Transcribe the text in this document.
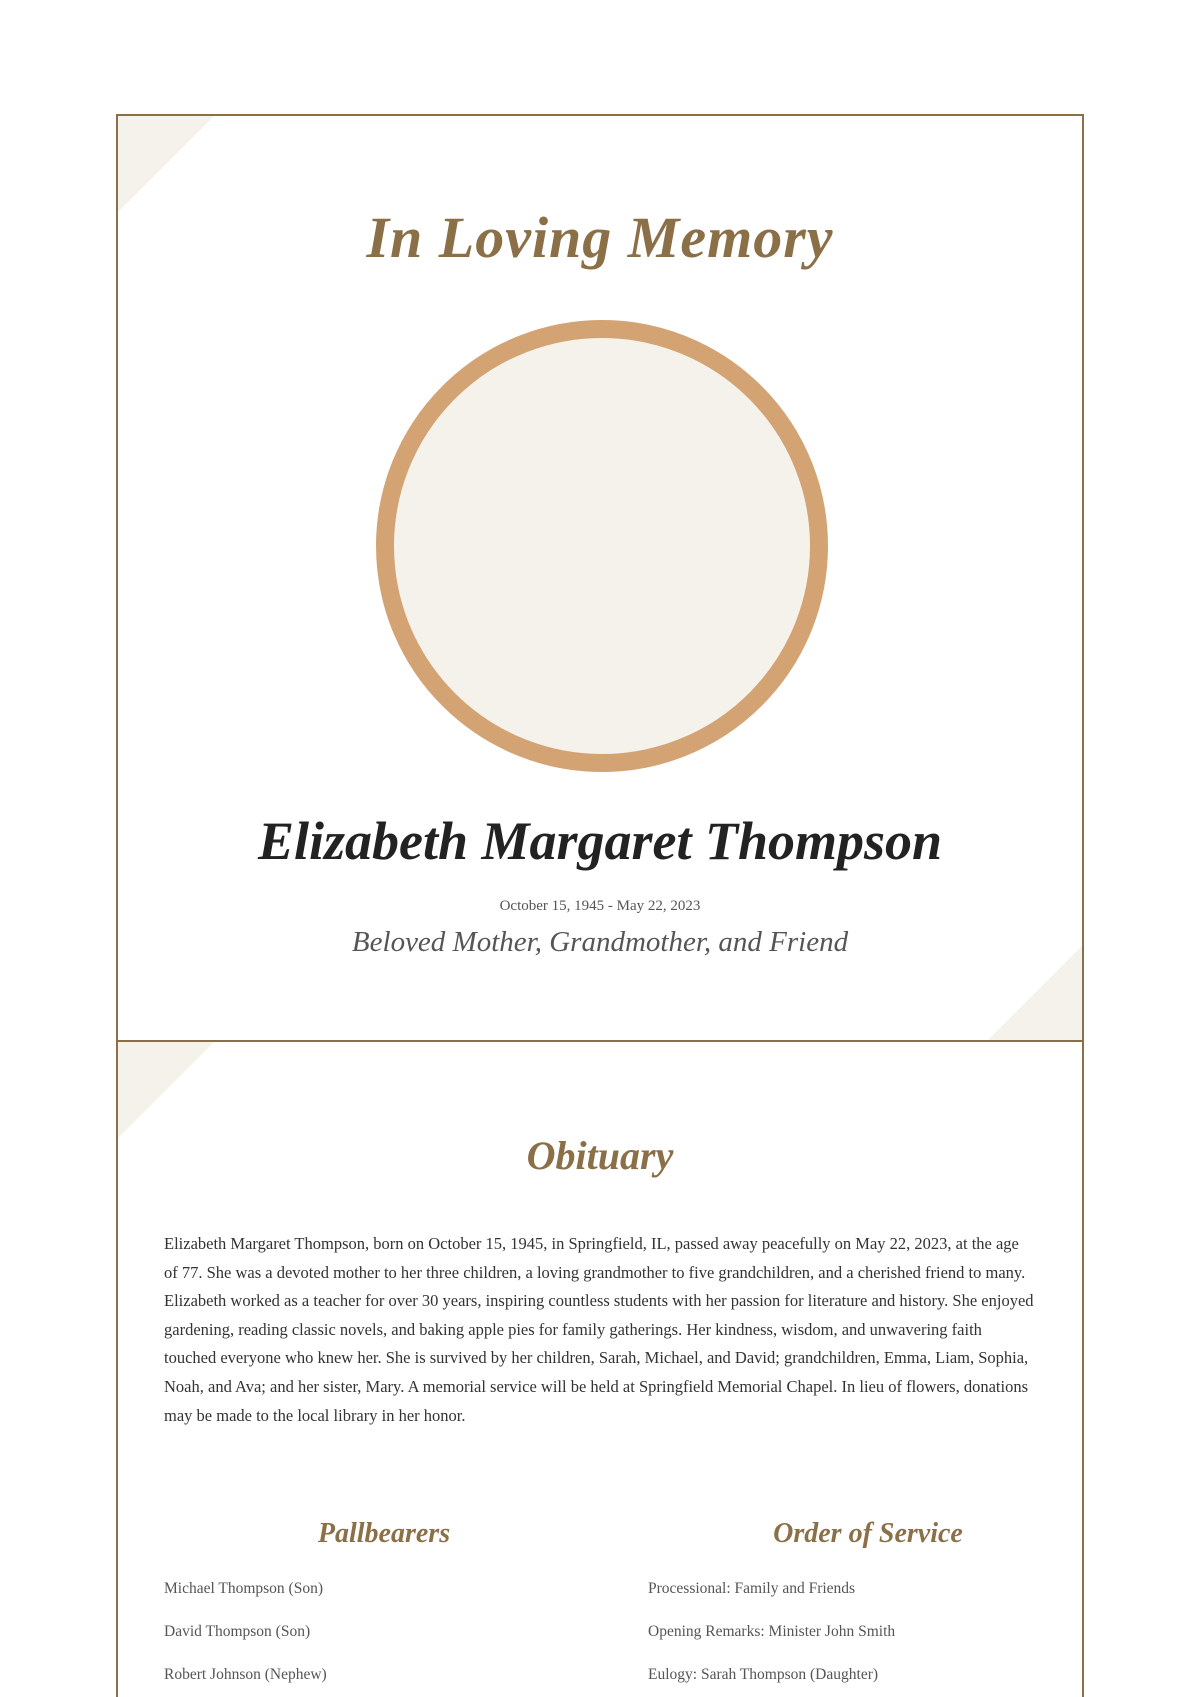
In Loving Memory
Elizabeth Margaret Thompson

October 15, 1945 - May 22, 2023

Beloved Mother, Grandmother, and Friend

Obituary

Elizabeth Margaret Thompson, born on October 15, 1945, in Springfield, IL, passed away peacefully on May 22, 2023, at the age of 77. She was a devoted mother to her three children, a loving grandmother to five grandchildren, and a cherished friend to many. Elizabeth worked as a teacher for over 30 years, inspiring countless students with her passion for literature and history. She enjoyed gardening, reading classic novels, and baking apple pies for family gatherings. Her kindness, wisdom, and unwavering faith touched everyone who knew her. She is survived by her children, Sarah, Michael, and David; grandchildren, Emma, Liam, Sophia, Noah, and Ava; and her sister, Mary. A memorial service will be held at Springfield Memorial Chapel. In lieu of flowers, donations may be made to the local library in her honor.

Pallbearers
Michael Thompson (Son)
David Thompson (Son)
Robert Johnson (Nephew)
Order of Service
Processional: Family and Friends
Opening Remarks: Minister John Smith
Eulogy: Sarah Thompson (Daughter)
